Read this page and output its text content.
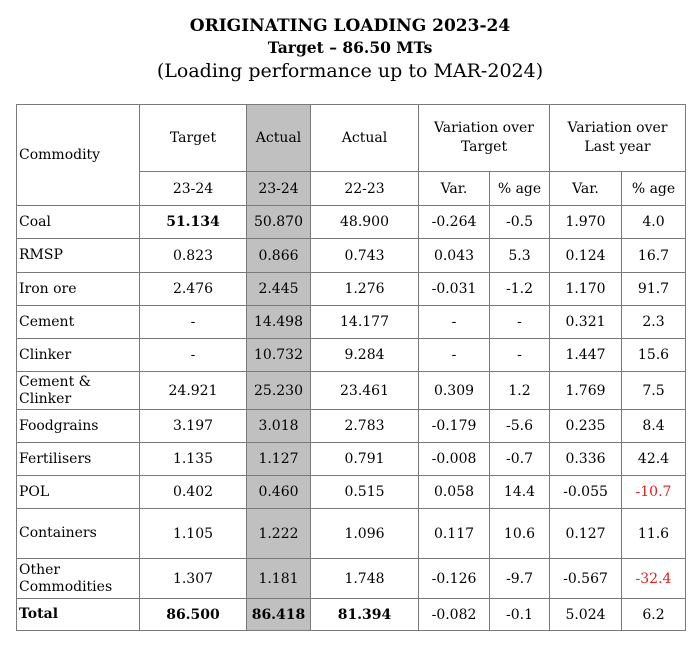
ORIGINATING LOADING 2023-24
Target – 86.50 MTs
(Loading performance up to MAR-2024)
Commodity	Target	Actual	Actual	Variation over Target		Variation over Last year	
	23-24	23-24	22-23	Var.	% age	Var.	% age
Coal	51.134	50.870	48.900	-0.264	-0.5	1.970	4.0
RMSP	0.823	0.866	0.743	0.043	5.3	0.124	16.7
Iron ore	2.476	2.445	1.276	-0.031	-1.2	1.170	91.7
Cement	-	14.498	14.177	-	-	0.321	2.3
Clinker	-	10.732	9.284	-	-	1.447	15.6
Cement & Clinker	24.921	25.230	23.461	0.309	1.2	1.769	7.5
Foodgrains	3.197	3.018	2.783	-0.179	-5.6	0.235	8.4
Fertilisers	1.135	1.127	0.791	-0.008	-0.7	0.336	42.4
POL	0.402	0.460	0.515	0.058	14.4	-0.055	-10.7
Containers	1.105	1.222	1.096	0.117	10.6	0.127	11.6
Other Commodities	1.307	1.181	1.748	-0.126	-9.7	-0.567	-32.4
Total	86.500	86.418	81.394	-0.082	-0.1	5.024	6.2
